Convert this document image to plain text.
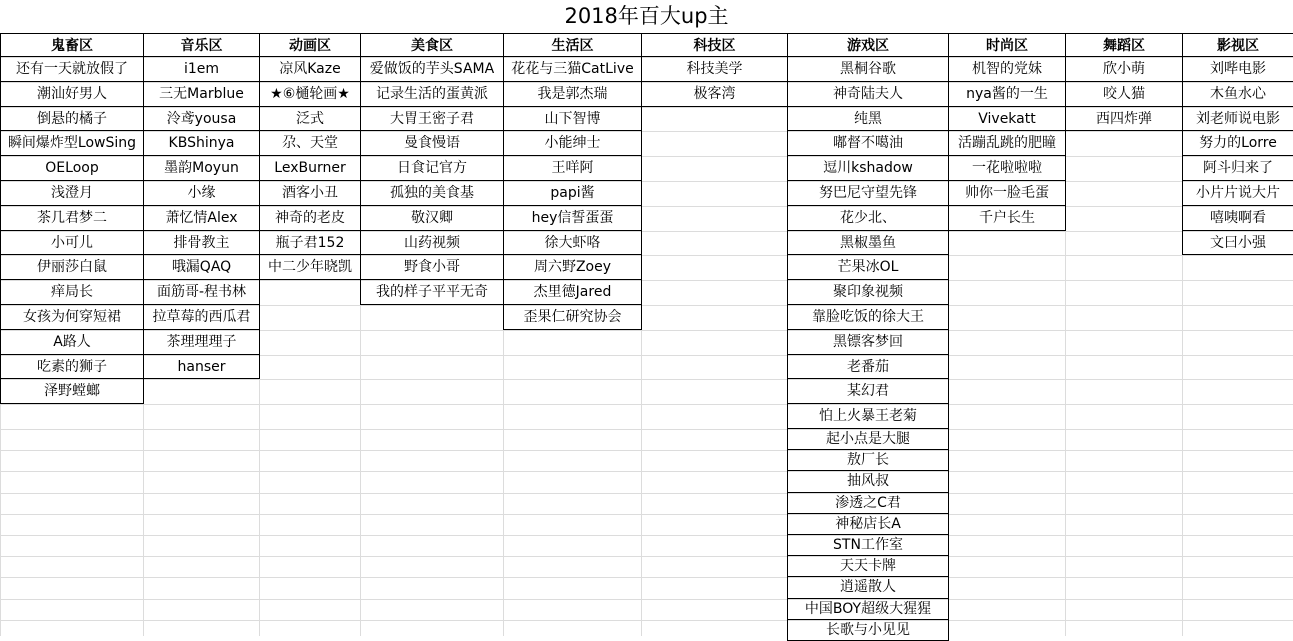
2018年百大up主
鬼畜区
还有一天就放假了
潮汕好男人
倒悬的橘子
瞬间爆炸型LowSing
OELoop
浅澄月
茶几君梦二
小可儿
伊丽莎白鼠
痒局长
女孩为何穿短裙
A路人
吃素的狮子
泽野螳螂
音乐区
i1em
三无Marblue
泠鸢yousa
KBShinya
墨韵Moyun
小缘
萧忆情Alex
排骨教主
哦漏QAQ
面筋哥-程书林
拉草莓的西瓜君
茶理理理子
hanser
动画区
凉风Kaze
★⑥樋轮画★
泛式
尕、天堂
LexBurner
酒客小丑
神奇的老皮
瓶子君152
中二少年晓凯
美食区
爱做饭的芋头SAMA
记录生活的蛋黄派
大胃王密子君
曼食慢语
日食记官方
孤独的美食基
敬汉卿
山药视频
野食小哥
我的样子平平无奇
生活区
花花与三猫CatLive
我是郭杰瑞
山下智博
小能绅士
王咩阿
papi酱
hey信誓蛋蛋
徐大虾咯
周六野Zoey
杰里德Jared
歪果仁研究协会
科技区
科技美学
极客湾
游戏区
黑桐谷歌
神奇陆夫人
纯黑
嘟督不噶油
逗川kshadow
努巴尼守望先锋
花少北、
黑椒墨鱼
芒果冰OL
聚印象视频
靠脸吃饭的徐大王
黑镖客梦回
老番茄
某幻君
怕上火暴王老菊
起小点是大腿
敖厂长
抽风叔
渗透之C君
神秘店长A
STN工作室
天天卡牌
逍遥散人
中国BOY超级大猩猩
长歌与小见见
时尚区
机智的党妹
nya酱的一生
Vivekatt
活蹦乱跳的肥瞳
一花啦啦啦
帅你一脸毛蛋
千户长生
舞蹈区
欣小萌
咬人猫
西四炸弹
影视区
刘哔电影
木鱼水心
刘老师说电影
努力的Lorre
阿斗归来了
小片片说大片
嘻咦啊看
文曰小强
